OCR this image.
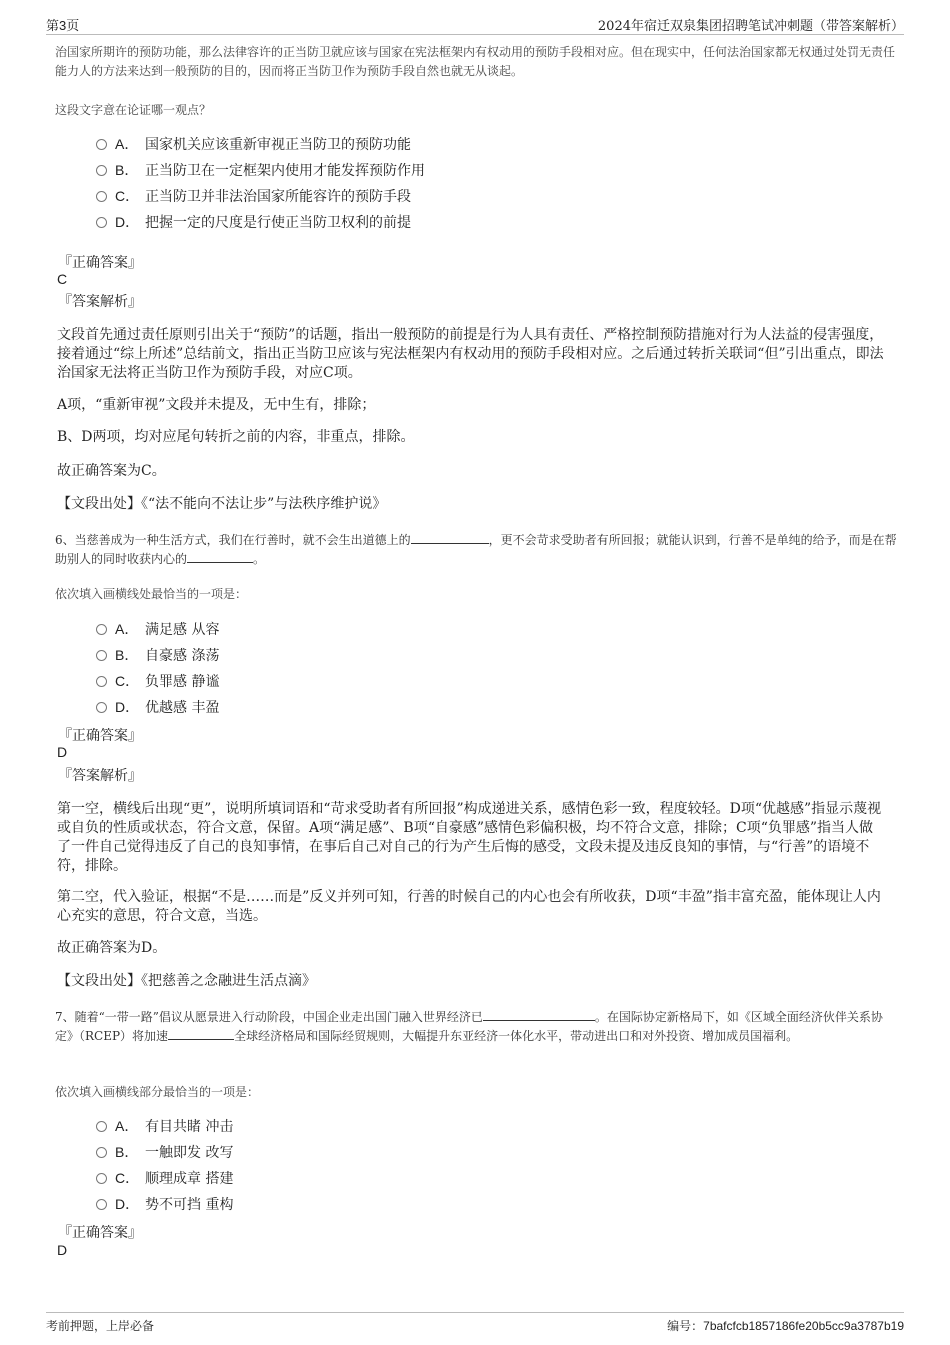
第3页	2024年宿迁双泉集团招聘笔试冲刺题（带答案解析）
治国家所期许的预防功能，那么法律容许的正当防卫就应该与国家在宪法框架内有权动用的预防手段相对应。但在现实中，任何法治国家都无权通过处罚无责任能力人的方法来达到一般预防的目的，因而将正当防卫作为预防手段自然也就无从谈起。
这段文字意在论证哪一观点？
A． 国家机关应该重新审视正当防卫的预防功能
B． 正当防卫在一定框架内使用才能发挥预防作用
C． 正当防卫并非法治国家所能容许的预防手段
D． 把握一定的尺度是行使正当防卫权利的前提
『正确答案』
C
『答案解析』
文段首先通过责任原则引出关于“预防”的话题，指出一般预防的前提是行为人具有责任、严格控制预防措施对行为人法益的侵害强度，接着通过“综上所述”总结前文，指出正当防卫应该与宪法框架内有权动用的预防手段相对应。之后通过转折关联词“但”引出重点，即法治国家无法将正当防卫作为预防手段，对应C项。
A项，“重新审视”文段并未提及，无中生有，排除；
B、D两项，均对应尾句转折之前的内容，非重点，排除。
故正确答案为C。
【文段出处】《“法不能向不法让步”与法秩序维护说》
6、当慈善成为一种生活方式，我们在行善时，就不会生出道德上的	，更不会苛求受助者有所回报；就能认识到，行善不是单纯的给予，而是在帮助别人的同时收获内心的	。
依次填入画横线处最恰当的一项是：
A． 满足感 从容
B． 自豪感 涤荡
C． 负罪感 静谧
D． 优越感 丰盈
『正确答案』
D
『答案解析』
第一空，横线后出现“更”，说明所填词语和“苛求受助者有所回报”构成递进关系，感情色彩一致，程度较轻。D项“优越感”指显示蔑视或自负的性质或状态，符合文意，保留。A项“满足感”、B项“自豪感”感情色彩偏积极，均不符合文意，排除；C项“负罪感”指当人做了一件自己觉得违反了自己的良知事情，在事后自己对自己的行为产生后悔的感受，文段未提及违反良知的事情，与“行善”的语境不符，排除。
第二空，代入验证，根据“不是……而是”反义并列可知，行善的时候自己的内心也会有所收获，D项“丰盈”指丰富充盈，能体现让人内心充实的意思，符合文意，当选。
故正确答案为D。
【文段出处】《把慈善之念融进生活点滴》
7、随着“一带一路”倡议从愿景进入行动阶段，中国企业走出国门融入世界经济已	。在国际协定新格局下，如《区域全面经济伙伴关系协定》（RCEP）将加速	全球经济格局和国际经贸规则，大幅提升东亚经济一体化水平，带动进出口和对外投资、增加成员国福利。
依次填入画横线部分最恰当的一项是：
A． 有目共睹 冲击
B． 一触即发 改写
C． 顺理成章 搭建
D． 势不可挡 重构
『正确答案』
D
考前押题，上岸必备	编号：7bafcfcb1857186fe20b5cc9a3787b19
